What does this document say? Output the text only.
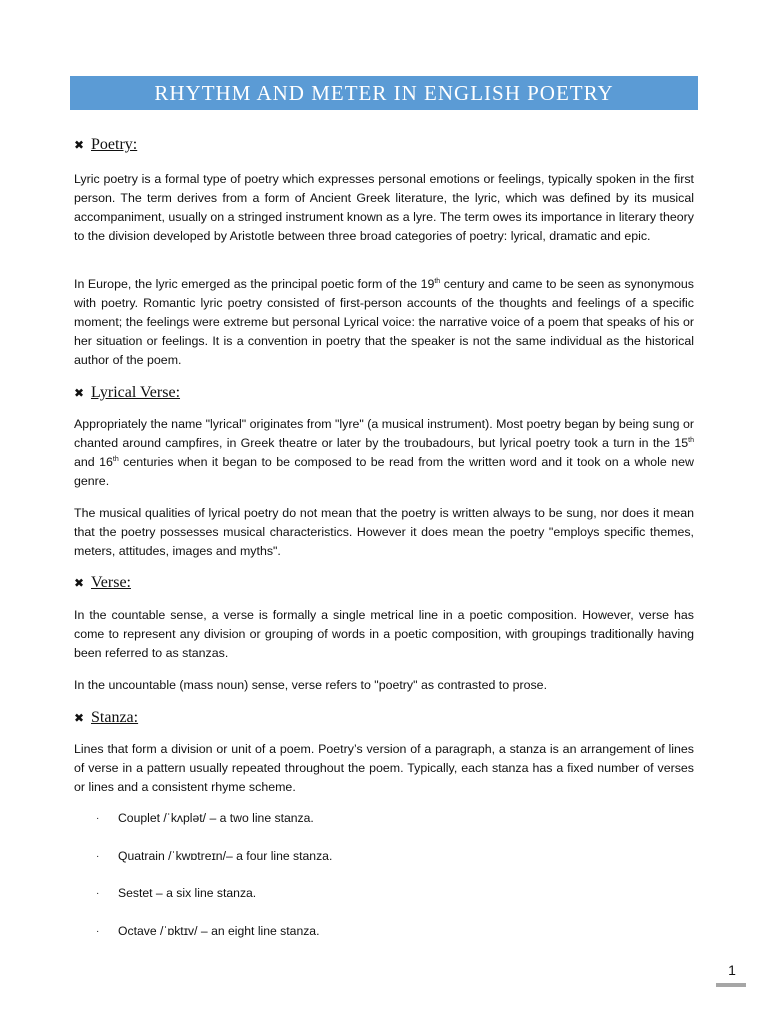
RHYTHM AND METER IN ENGLISH POETRY
✖ Poetry:

Lyric poetry is a formal type of poetry which expresses personal emotions or feelings, typically spoken in the first person. The term derives from a form of Ancient Greek literature, the lyric, which was defined by its musical accompaniment, usually on a stringed instrument known as a lyre. The term owes its importance in literary theory to the division developed by Aristotle between three broad categories of poetry: lyrical, dramatic and epic.

In Europe, the lyric emerged as the principal poetic form of the 19th century and came to be seen as synonymous with poetry. Romantic lyric poetry consisted of first-person accounts of the thoughts and feelings of a specific moment; the feelings were extreme but personal Lyrical voice: the narrative voice of a poem that speaks of his or her situation or feelings. It is a convention in poetry that the speaker is not the same individual as the historical author of the poem.

✖ Lyrical Verse:

Appropriately the name "lyrical" originates from "lyre" (a musical instrument). Most poetry began by being sung or chanted around campfires, in Greek theatre or later by the troubadours, but lyrical poetry took a turn in the 15th and 16th centuries when it began to be composed to be read from the written word and it took on a whole new genre.

The musical qualities of lyrical poetry do not mean that the poetry is written always to be sung, nor does it mean that the poetry possesses musical characteristics. However it does mean the poetry "employs specific themes, meters, attitudes, images and myths".

✖ Verse:

In the countable sense, a verse is formally a single metrical line in a poetic composition. However, verse has come to represent any division or grouping of words in a poetic composition, with groupings traditionally having been referred to as stanzas.

In the uncountable (mass noun) sense, verse refers to "poetry" as contrasted to prose.

✖ Stanza:

Lines that form a division or unit of a poem. Poetry’s version of a paragraph, a stanza is an arrangement of lines of verse in a pattern usually repeated throughout the poem. Typically, each stanza has a fixed number of verses or lines and a consistent rhyme scheme.

·	Couplet /ˈkʌplət/ – a two line stanza.
·	Quatrain /ˈkwɒtreɪn/– a four line stanza.
·	Sestet – a six line stanza.
·	Octave /ˈɒktɪv/ – an eight line stanza.
1
